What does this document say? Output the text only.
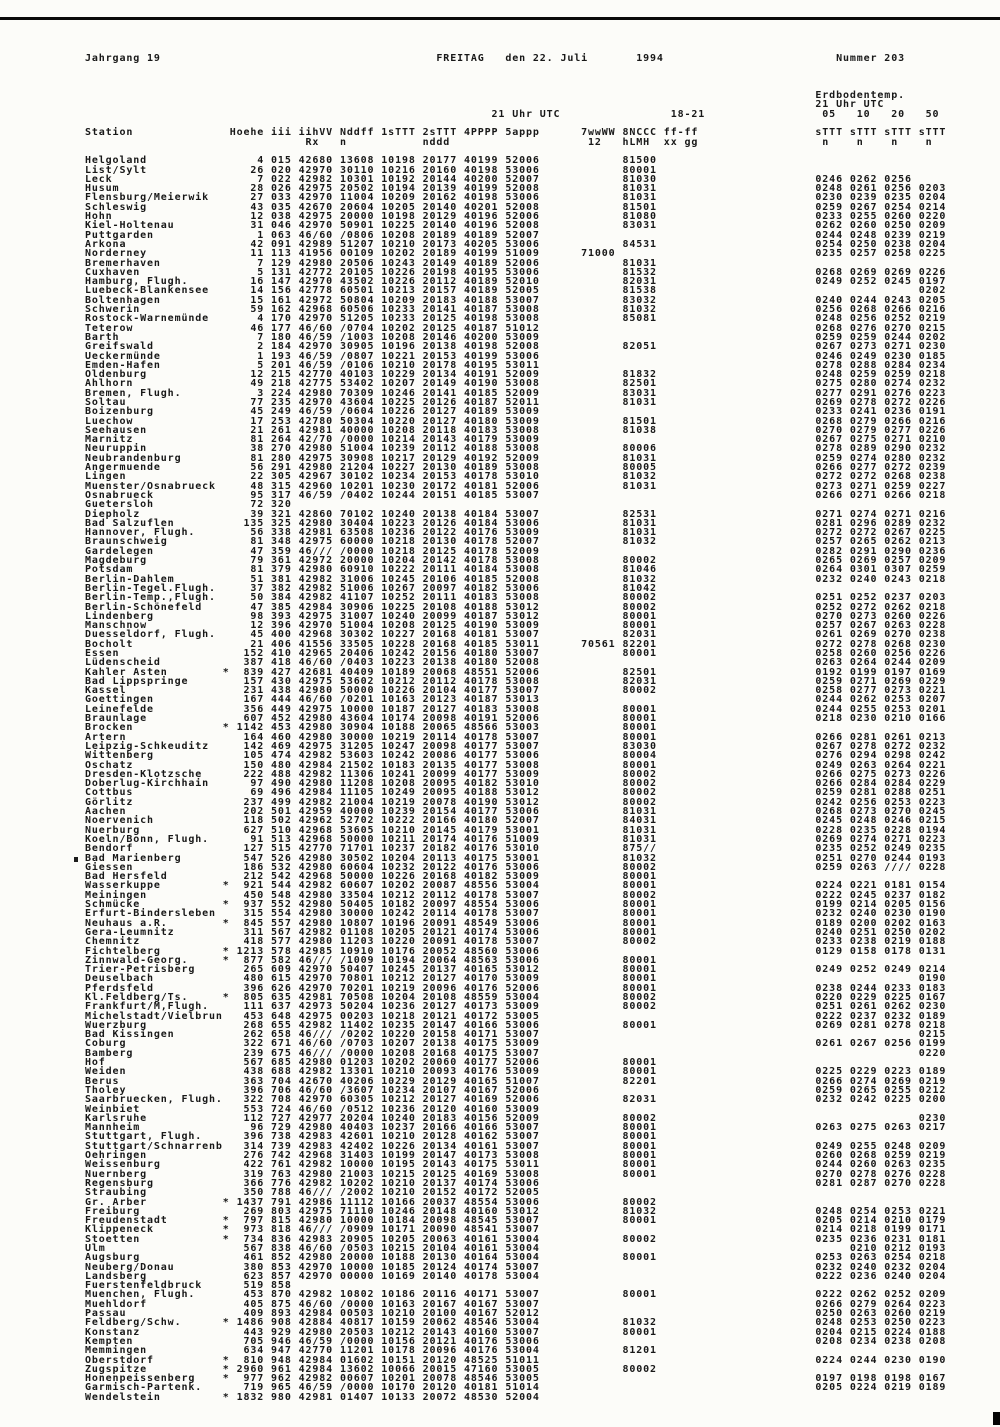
Jahrgang 19                                        FREITAG   den 22. Juli       1994                         Nummer 203
Erdbodentemp.
21 Uhr UTC
21 Uhr UTC                18-21                 05   10   20   50
Station              Hoehe iii iihVV Nddff 1sTTT 2sTTT 4PPPP 5appp      7wwWW 8NCCC ff-ff                 sTTT sTTT sTTT sTTT
Rx   n           nddd                    12   hLMH  xx gg                  n    n    n    n
Helgoland                4 015 42680 13608 10198 20177 40199 52006            81500
List/Sylt               26 020 42970 30110 10216 20160 40198 53006            80001
Leck                     7 022 42982 10301 10192 20144 40200 52007            81030                       0246 0262 0256
Husum                   28 026 42975 20502 10194 20139 40199 52008            81031                       0248 0261 0256 0203
Flensburg/Meierwik      27 033 42970 11004 10209 20162 40198 53006            81031                       0230 0239 0235 0204
Schleswig               43 035 42670 20604 10205 20140 40201 52008            81501                       0259 0267 0254 0214
Hohn                    12 038 42975 20000 10198 20129 40196 52006            81080                       0233 0255 0260 0220
Kiel-Holtenau           31 046 42970 50901 10225 20140 40196 52008            83031                       0262 0260 0250 0209
Puttgarden               1 063 46/60 /0806 10208 20189 40189 52007                                        0244 0248 0239 0219
Arkona                  42 091 42989 51207 10210 20173 40205 53006            84531                       0254 0250 0238 0204
Norderney               11 113 41956 00109 10202 20189 40199 51009      71000                             0235 0257 0258 0225
Bremerhaven              7 129 42980 20506 10243 20149 40189 52006            81031
Cuxhaven                 5 131 42772 20105 10226 20198 40195 53006            81532                       0268 0269 0269 0226
Hamburg, Flugh.         16 147 42970 43502 10226 20112 40189 52010            82031                       0249 0252 0245 0197
Luebeck-Blankensee      14 156 42778 60501 10213 20157 40189 52005            81538                                      0202
Boltenhagen             15 161 42972 50804 10209 20183 40188 53007            83032                       0240 0244 0243 0205
Schwerin                59 162 42968 60506 10233 20141 40187 53008            81032                       0256 0268 0266 0216
Rostock-Warnemünde       4 170 42970 51205 10233 20125 40198 53008            85081                       0248 0256 0252 0219
Teterow                 46 177 46/60 /0704 10202 20125 40187 51012                                        0268 0276 0270 0215
Barth                    7 180 46/59 /1003 10208 20146 40200 53009                                        0259 0259 0244 0202
Greifswald               2 184 42970 30905 10196 20138 40198 52008            82051                       0267 0273 0271 0230
Ueckermünde              1 193 46/59 /0807 10221 20153 40199 53006                                        0246 0249 0230 0185
Emden-Hafen              5 201 46/59 /0106 10210 20178 40195 53011                                        0278 0288 0284 0234
Oldenburg               12 215 42770 40103 10229 20134 40191 52009            81832                       0248 0259 0259 0218
Ahlhorn                 49 218 42775 53402 10207 20149 40190 53008            82501                       0275 0280 0274 0232
Bremen, Flugh.           3 224 42980 70309 10246 20141 40185 52009            83031                       0277 0291 0276 0223
Soltau                  77 235 42970 43604 10225 20126 40187 52011            81031                       0269 0278 0272 0226
Boizenburg              45 249 46/59 /0604 10226 20127 40189 53009                                        0233 0241 0236 0191
Luechow                 17 253 42780 50304 10220 20127 40180 53009            81501                       0268 0279 0266 0216
Seehausen               21 261 42981 40000 10208 20118 40183 53008            81038                       0270 0279 0277 0226
Marnitz                 81 264 42/70 /0000 10214 20143 40179 53009                                        0267 0275 0271 0210
Neuruppin               38 270 42980 51004 10239 20112 40188 53008            80006                       0278 0289 0290 0232
Neubrandenburg          81 280 42975 30908 10217 20129 40192 52009            81031                       0259 0274 0280 0232
Angermuende             56 291 42980 21204 10227 20130 40189 53008            80005                       0266 0277 0272 0239
Lingen                  22 305 42967 30102 10234 20153 40178 53010            81032                       0272 0272 0268 0238
Muenster/Osnabrueck     48 315 42960 10201 10230 20172 40181 52006            81031                       0273 0271 0259 0227
Osnabrueck              95 317 46/59 /0402 10244 20151 40185 53007                                        0266 0271 0266 0218
Guetersloh              72 320
Diepholz                39 321 42860 70102 10240 20138 40184 53007            82531                       0271 0274 0271 0216
Bad Salzuflen          135 325 42980 30404 10223 20126 40184 53006            81031                       0281 0296 0289 0232
Hannover, Flugh.        56 338 42981 63508 10236 20122 40176 53009            81031                       0272 0272 0267 0225
Braunschweig            81 348 42975 60000 10218 20130 40178 52007            81032                       0257 0265 0262 0213
Gardelegen              47 359 46/// /0000 10218 20125 40178 52009                                        0282 0291 0290 0236
Magdeburg               79 361 42972 20000 10204 20142 40178 53008            80002                       0265 0269 0257 0209
Potsdam                 81 379 42980 60910 10222 20111 40184 53008            81046                       0264 0301 0307 0259
Berlin-Dahlem           51 381 42982 31006 10245 20106 40185 52008            81032                       0232 0240 0243 0218
Berlin-Tegel.Flugh.     37 382 42982 51006 10267 20097 40182 53006            81042
Berlin-Temp.,Flugh.     50 384 42982 41107 10252 20111 40183 53008            80002                       0251 0252 0237 0203
Berlin-Schönefeld       47 385 42984 30906 10225 20108 40188 53012            80002                       0252 0272 0262 0218
Lindenberg              98 393 42975 31007 10240 20099 40187 53012            80001                       0270 0273 0260 0226
Manschnow               12 396 42970 51004 10208 20125 40190 53009            80001                       0257 0267 0263 0228
Duesseldorf, Flugh.     45 400 42968 30302 10227 20168 40181 53007            82031                       0261 0269 0270 0238
Bocholt                 21 406 41556 33505 10228 20168 40185 53011      70561 82201                       0272 0278 0268 0230
Essen                  152 410 42965 20406 10242 20156 40180 53007            80001                       0258 0260 0256 0226
Lüdenscheid            387 418 46/60 /0403 10223 20138 40180 52008                                        0263 0264 0244 0209
Kahler Asten        *  839 427 42681 40409 10189 20068 48551 52006            82501                       0192 0199 0197 0169
Bad Lippspringe        157 430 42975 53602 10212 20112 40178 53008            82031                       0259 0271 0269 0229
Kassel                 231 438 42980 50000 10226 20104 40177 53007            80002                       0258 0277 0273 0221
Goettingen             167 444 46/60 /0201 10163 20123 40187 53013                                        0244 0262 0253 0207
Leinefelde             356 449 42975 10000 10187 20127 40183 53008            80001                       0244 0255 0253 0201
Braunlage              607 452 42980 43604 10174 20098 40191 52006            80001                       0218 0230 0210 0166
Brocken             * 1142 453 42980 30904 10188 20065 48566 53003            80001
Artern                 164 460 42980 30000 10219 20114 40178 53007            80001                       0266 0281 0261 0213
Leipzig-Schkeuditz     142 469 42975 31205 10247 20098 40177 53007            83030                       0267 0278 0272 0232
Wittenberg             105 474 42982 53603 10242 20086 40177 53006            80004                       0276 0294 0298 0242
Oschatz                150 480 42984 21502 10183 20135 40177 53008            80001                       0249 0263 0264 0221
Dresden-Klotzsche      222 488 42982 11306 10241 20099 40177 53009            80002                       0266 0275 0273 0226
Doberlug-Kirchhain      97 490 42980 11208 10208 20095 40182 53010            80002                       0266 0284 0284 0229
Cottbus                 69 496 42984 11105 10249 20095 40188 53012            80002                       0259 0281 0288 0251
Görlitz                237 499 42982 21004 10219 20078 40190 53012            80002                       0242 0256 0253 0223
Aachen                 202 501 42959 40000 10239 20154 40177 53006            81031                       0268 0273 0270 0245
Noervenich             118 502 42962 52702 10222 20166 40180 52007            84031                       0245 0248 0246 0215
Nuerburg               627 510 42968 53605 10210 20145 40179 53001            81031                       0228 0235 0228 0194
Koeln/Bonn, Flugh.      91 513 42968 50000 10211 20174 40176 51009            81031                       0269 0274 0271 0223
Bendorf                127 515 42770 71701 10237 20182 40176 53010            875//                       0235 0252 0249 0235
Bad Marienberg         547 526 42980 30502 10204 20113 40175 53001            81032                       0251 0270 0244 0193
Giessen                186 532 42980 60604 10232 20122 40176 53006            80002                       0259 0263 //// 0228
Bad Hersfeld           212 542 42968 50000 10226 20168 40182 53009            80001
Wasserkuppe         *  921 544 42982 60607 10202 20087 48556 53004            80001                       0224 0221 0181 0154
Meiningen              450 548 42980 33504 10212 20112 40178 53007            80002                       0222 0245 0237 0182
Schmücke            *  937 552 42980 50405 10182 20097 48554 53006            80001                       0199 0214 0205 0156
Erfurt-Bindersleben    315 554 42980 30000 10242 20114 40178 53007            80001                       0232 0240 0230 0190
Neuhaus a.R.        *  845 557 42980 10807 10196 20091 48549 53006            80001                       0189 0200 0202 0163
Gera-Leumnitz          311 567 42982 01108 10205 20121 40174 53006            80001                       0240 0251 0250 0202
Chemnitz               418 577 42980 11203 10220 20091 40178 53007            80002                       0233 0238 0219 0188
Fichtelberg         * 1213 578 42985 10910 10176 20052 48560 53006                                        0129 0158 0178 0131
Zinnwald-Georg.     *  877 582 46/// /1009 10194 20064 48563 53006            80001
Trier-Petrisberg       265 609 42970 50407 10245 20137 40165 53012            80001                       0249 0252 0249 0214
Deuselbach             480 615 42970 70801 10212 20127 40170 53009            80001                                      0190
Pferdsfeld             396 626 42970 70201 10219 20096 40176 52006            80001                       0238 0244 0233 0183
Kl.Feldberg/Ts.     *  805 635 42981 70508 10204 20108 48559 53004            80002                       0220 0229 0225 0167
Frankfurt/M,Flugh.     111 637 42973 50204 10236 20127 40173 53009            80002                       0251 0261 0262 0230
Michelstadt/Vielbrun   453 648 42975 00203 10218 20121 40172 53005                                        0222 0237 0232 0189
Wuerzburg              268 655 42982 11402 10235 20147 40166 53006            80001                       0269 0281 0278 0218
Bad Kissingen          262 658 46/// /0202 10220 20158 40171 53007                                                       0215
Coburg                 322 671 46/60 /0703 10207 20138 40175 53009                                        0261 0267 0256 0199
Bamberg                239 675 46/// /0000 10208 20168 40175 53007                                                       0220
Hof                    567 685 42980 01203 10202 20060 40177 52006            80001
Weiden                 438 688 42982 13301 10210 20093 40176 53009            80001                       0225 0229 0223 0189
Berus                  363 704 42670 40206 10229 20129 40165 51007            82201                       0266 0274 0269 0219
Tholey                 396 706 46/60 /3607 10234 20107 40167 52006                                        0259 0265 0255 0212
Saarbruecken, Flugh.   322 708 42970 60305 10212 20127 40169 52006            82031                       0232 0242 0225 0200
Weinbiet               553 724 46/60 /0512 10236 20120 40160 53009
Karlsruhe              112 727 42977 20204 10240 20183 40156 52009            80002                                      0230
Mannheim                96 729 42980 40403 10237 20166 40166 53007            80001                       0263 0275 0263 0217
Stuttgart, Flugh.      396 738 42983 42601 10210 20128 40162 53007            80001
Stuttgart/Schnarrenb   314 739 42983 42402 10226 20134 40161 53007            80001                       0249 0255 0248 0209
Oehringen              276 742 42968 31403 10199 20147 40173 53008            80001                       0260 0268 0259 0219
Weissenburg            422 761 42982 10000 10195 20143 40175 53011            80001                       0244 0260 0263 0235
Nuernberg              319 763 42980 21003 10215 20125 40169 53008            80001                       0270 0278 0276 0228
Regensburg             366 776 42982 10202 10210 20137 40174 53006                                        0281 0287 0270 0228
Straubing              350 788 46/// /2002 10210 20152 40172 52005
Gr. Arber           * 1437 791 42986 11112 10166 20037 48554 53006            80002
Freiburg               269 803 42975 71110 10246 20148 40160 53012            81032                       0248 0254 0253 0221
Freudenstadt        *  797 815 42980 10000 10184 20098 48545 53007            80001                       0205 0214 0210 0179
Klippeneck          *  973 818 46/// /0909 10171 20090 48541 53007                                        0214 0218 0199 0171
Stoetten            *  734 836 42983 20905 10205 20063 40161 53004            80002                       0235 0236 0231 0181
Ulm                    567 838 46/60 /0503 10215 20104 40161 53004                                             0210 0212 0193
Augsburg               461 852 42980 20000 10188 20130 40164 53004            80001                       0253 0263 0254 0218
Neuberg/Donau          380 853 42970 10000 10185 20124 40174 53007                                        0232 0240 0232 0204
Landsberg              623 857 42970 00000 10169 20140 40178 53004                                        0222 0236 0240 0204
Fuerstenfeldbruck      519 858
Muenchen, Flugh.       453 870 42982 10802 10186 20116 40171 53007            80001                       0222 0262 0252 0209
Muehldorf              405 875 46/60 /0000 10163 20167 40167 53007                                        0266 0279 0264 0223
Passau                 409 893 42984 00503 10210 20100 40167 52012                                        0250 0263 0260 0219
Feldberg/Schw.      * 1486 908 42884 40817 10159 20062 48546 53004            81032                       0248 0253 0250 0223
Konstanz               443 929 42980 20503 10212 20143 40160 53007            80001                       0204 0215 0224 0188
Kempten                705 946 46/59 /0000 10156 20121 40176 53006                                        0208 0234 0238 0208
Memmingen              634 947 42770 11201 10178 20096 40176 53004            81201
Oberstdorf          *  810 948 42984 01602 10151 20120 48525 51011                                        0224 0244 0230 0190
Zugspitze           * 2960 961 42984 13602 10066 20015 47160 53005            80002
Honenpeissenberg    *  977 962 42982 00607 10201 20078 48546 53005                                        0197 0198 0198 0167
Garmisch-Partenk.      719 965 46/59 /0000 10170 20120 40181 51014                                        0205 0224 0219 0189
Wendelstein         * 1832 980 42981 01407 10133 20072 48530 52004
